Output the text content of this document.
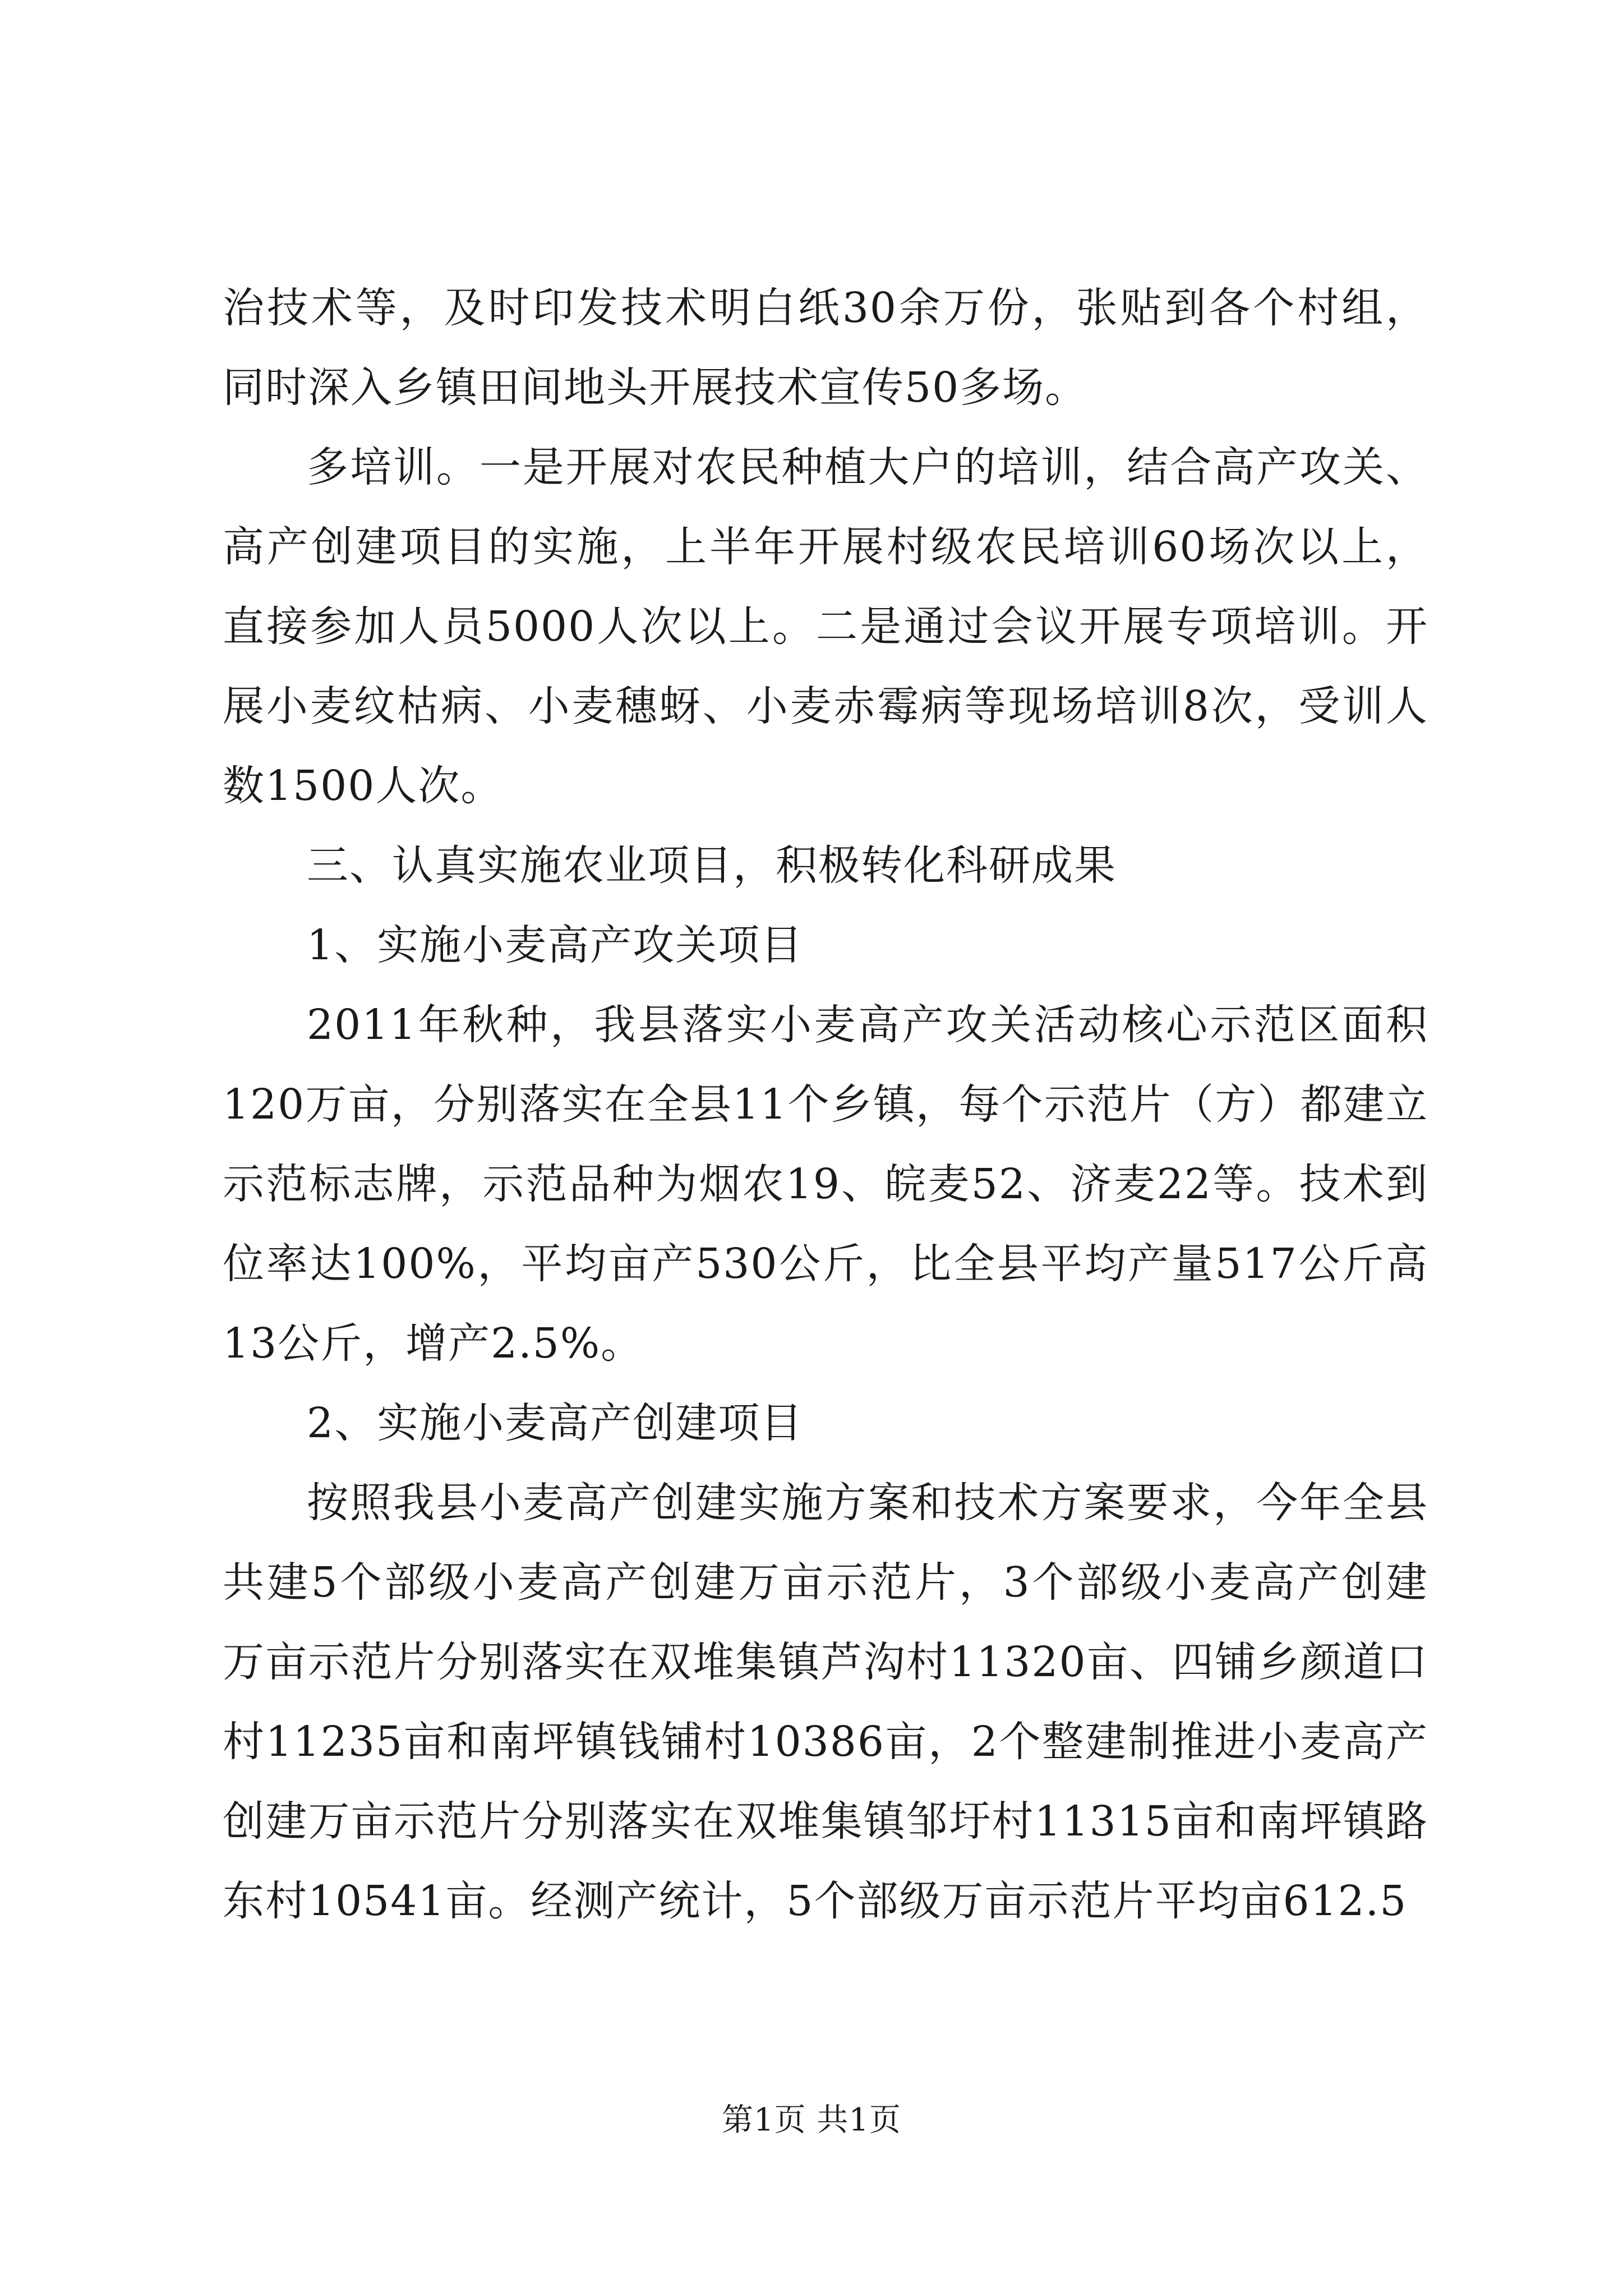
治技术等，及时印发技术明白纸30余万份，张贴到各个村组，同时深入乡镇田间地头开展技术宣传50多场。

多培训。一是开展对农民种植大户的培训，结合高产攻关、高产创建项目的实施，上半年开展村级农民培训60场次以上，直接参加人员5000人次以上。二是通过会议开展专项培训。开展小麦纹枯病、小麦穗蚜、小麦赤霉病等现场培训8次，受训人数1500人次。

三、认真实施农业项目，积极转化科研成果

1、实施小麦高产攻关项目

2011年秋种，我县落实小麦高产攻关活动核心示范区面积120万亩，分别落实在全县11个乡镇，每个示范片（方）都建立示范标志牌，示范品种为烟农19、皖麦52、济麦22等。技术到位率达100%，平均亩产530公斤，比全县平均产量517公斤高13公斤，增产2.5%。

2、实施小麦高产创建项目

按照我县小麦高产创建实施方案和技术方案要求，今年全县共建5个部级小麦高产创建万亩示范片，3个部级小麦高产创建万亩示范片分别落实在双堆集镇芦沟村11320亩、四铺乡颜道口村11235亩和南坪镇钱铺村10386亩，2个整建制推进小麦高产创建万亩示范片分别落实在双堆集镇邹圩村11315亩和南坪镇路东村10541亩。经测产统计，5个部级万亩示范片平均亩612.5

第1页 共1页
